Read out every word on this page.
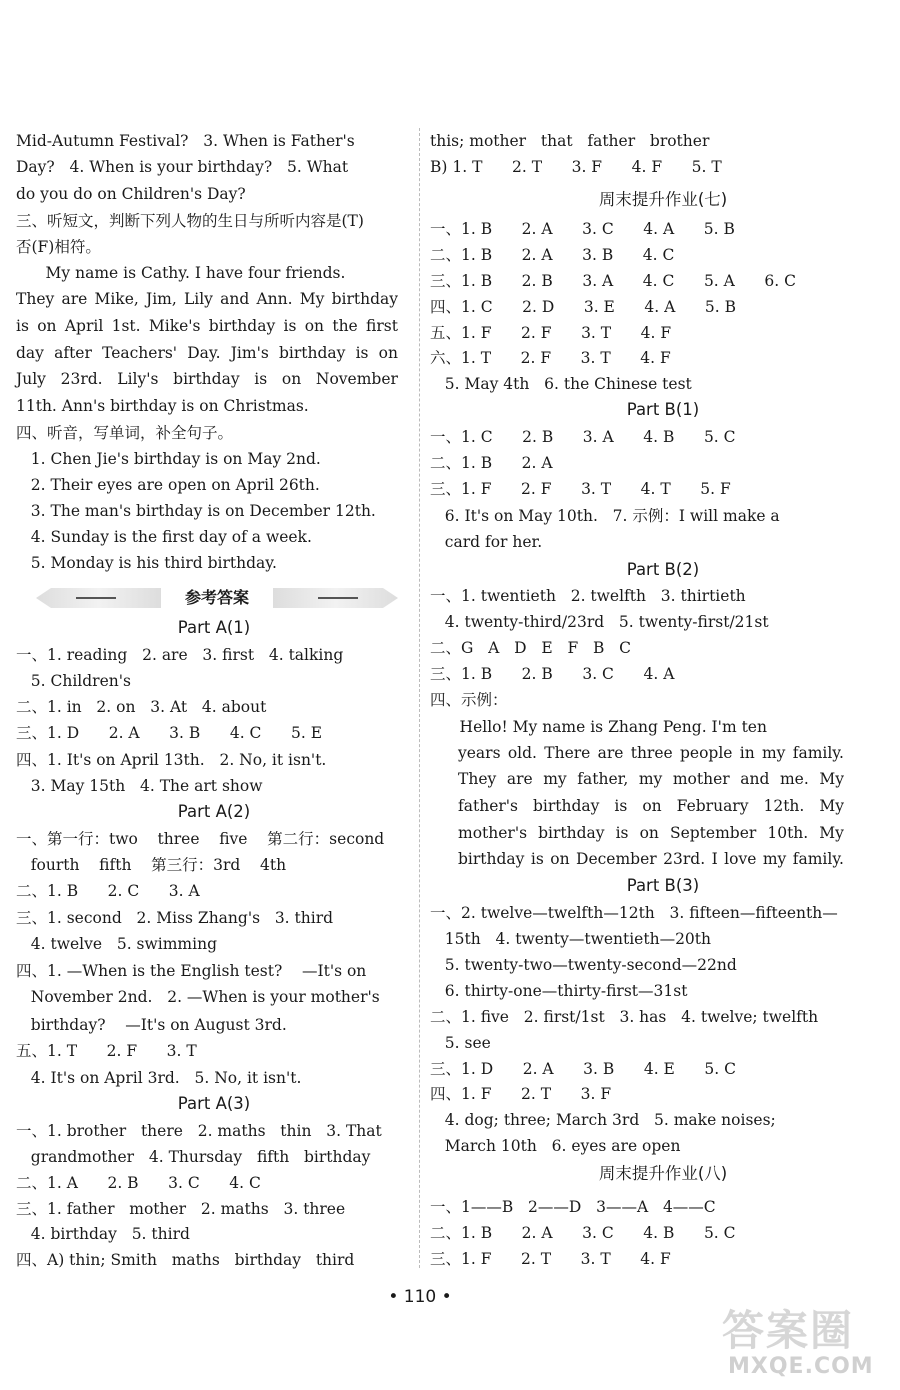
Mid-Autumn Festival?   3. When is Father's
Day?   4. When is your birthday?   5. What
do you do on Children's Day?
三、听短文，判断下列人物的生日与所听内容是(T)
否(F)相符。
My name is Cathy. I have four friends.
They are Mike, Jim, Lily and Ann. My birthday
is on April 1st. Mike's birthday is on the first
day after Teachers' Day. Jim's birthday is on
July 23rd. Lily's birthday is on November
11th. Ann's birthday is on Christmas.
四、听音，写单词，补全句子。
1. Chen Jie's birthday is on May 2nd.
2. Their eyes are open on April 26th.
3. The man's birthday is on December 12th.
4. Sunday is the first day of a week.
5. Monday is his third birthday.
参考答案
Part A(1)
一、1. reading   2. are   3. first   4. talking
5. Children's
二、1. in   2. on   3. At   4. about
三、1. D      2. A      3. B      4. C      5. E
四、1. It's on April 13th.   2. No, it isn't.
3. May 15th   4. The art show
Part A(2)
一、第一行：two    three    five    第二行：second
fourth    fifth    第三行：3rd    4th
二、1. B      2. C      3. A
三、1. second   2. Miss Zhang's   3. third
4. twelve   5. swimming
四、1. —When is the English test?    —It's on
November 2nd.   2. —When is your mother's
birthday?    —It's on August 3rd.
五、1. T      2. F      3. T
4. It's on April 3rd.   5. No, it isn't.
Part A(3)
一、1. brother   there   2. maths   thin   3. That
grandmother   4. Thursday   fifth   birthday
二、1. A      2. B      3. C      4. C
三、1. father   mother   2. maths   3. three
4. birthday   5. third
四、A) thin; Smith   maths   birthday   third
this; mother   that   father   brother
B) 1. T      2. T      3. F      4. F      5. T
周末提升作业(七)
一、1. B      2. A      3. C      4. A      5. B
二、1. B      2. A      3. B      4. C
三、1. B      2. B      3. A      4. C      5. A      6. C
四、1. C      2. D      3. E      4. A      5. B
五、1. F      2. F      3. T      4. F
六、1. T      2. F      3. T      4. F
5. May 4th   6. the Chinese test
Part B(1)
一、1. C      2. B      3. A      4. B      5. C
二、1. B      2. A
三、1. F      2. F      3. T      4. T      5. F
6. It's on May 10th.   7. 示例：I will make a
card for her.
Part B(2)
一、1. twentieth   2. twelfth   3. thirtieth
4. twenty-third/23rd   5. twenty-first/21st
二、G   A   D   E   F   B   C
三、1. B      2. B      3. C      4. A
四、示例：
Hello! My name is Zhang Peng. I'm ten
years old. There are three people in my family.
They are my father, my mother and me. My
father's birthday is on February 12th. My
mother's birthday is on September 10th. My
birthday is on December 23rd. I love my family.
Part B(3)
一、2. twelve—twelfth—12th   3. fifteen—fifteenth—
15th   4. twenty—twentieth—20th
5. twenty-two—twenty-second—22nd
6. thirty-one—thirty-first—31st
二、1. five   2. first/1st   3. has   4. twelve; twelfth
5. see
三、1. D      2. A      3. B      4. E      5. C
四、1. F      2. T      3. F
4. dog; three; March 3rd   5. make noises;
March 10th   6. eyes are open
周末提升作业(八)
一、1——B   2——D   3——A   4——C
二、1. B      2. A      3. C      4. B      5. C
三、1. F      2. T      3. T      4. F
• 110 •
答案圈
MXQE.COM
